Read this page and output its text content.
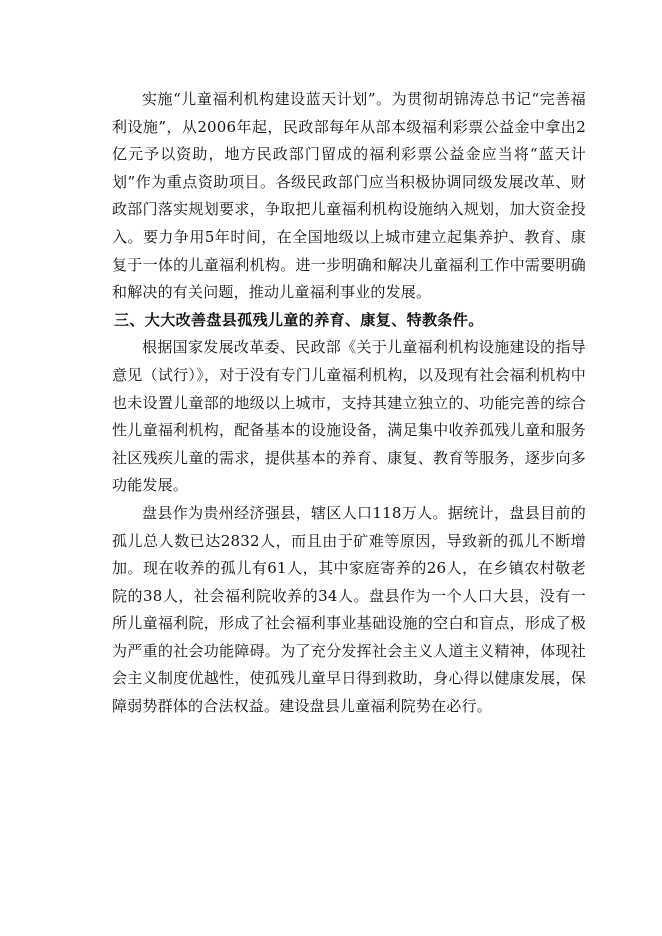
实施“儿童福利机构建设蓝天计划”。为贯彻胡锦涛总书记“完善福利设施”，从2006年起，民政部每年从部本级福利彩票公益金中拿出2亿元予以资助，地方民政部门留成的福利彩票公益金应当将“蓝天计划”作为重点资助项目。各级民政部门应当积极协调同级发展改革、财政部门落实规划要求，争取把儿童福利机构设施纳入规划，加大资金投入。要力争用5年时间，在全国地级以上城市建立起集养护、教育、康复于一体的儿童福利机构。进一步明确和解决儿童福利工作中需要明确和解决的有关问题，推动儿童福利事业的发展。

三、大大改善盘县孤残儿童的养育、康复、特教条件。

根据国家发展改革委、民政部《关于儿童福利机构设施建设的指导意见（试行）》，对于没有专门儿童福利机构，以及现有社会福利机构中也未设置儿童部的地级以上城市，支持其建立独立的、功能完善的综合性儿童福利机构，配备基本的设施设备，满足集中收养孤残儿童和服务社区残疾儿童的需求，提供基本的养育、康复、教育等服务，逐步向多功能发展。

盘县作为贵州经济强县，辖区人口118万人。据统计，盘县目前的孤儿总人数已达2832人，而且由于矿难等原因，导致新的孤儿不断增加。现在收养的孤儿有61人，其中家庭寄养的26人，在乡镇农村敬老院的38人，社会福利院收养的34人。盘县作为一个人口大县，没有一所儿童福利院，形成了社会福利事业基础设施的空白和盲点，形成了极为严重的社会功能障碍。为了充分发挥社会主义人道主义精神，体现社会主义制度优越性，使孤残儿童早日得到救助，身心得以健康发展，保障弱势群体的合法权益。建设盘县儿童福利院势在必行。
